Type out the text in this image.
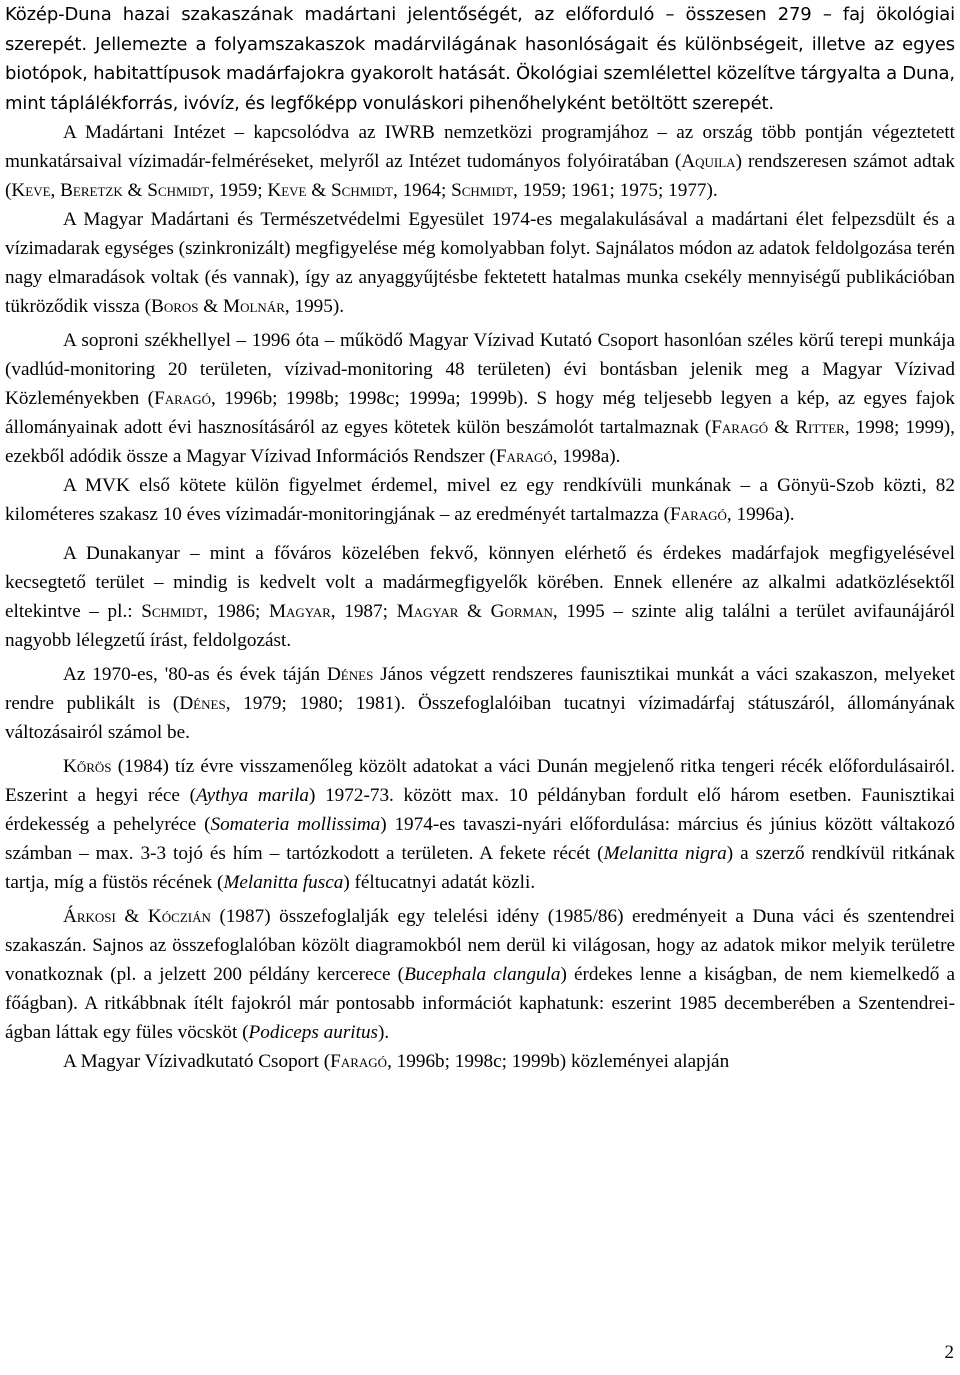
Közép-Duna hazai szakaszának madártani jelentőségét, az előforduló – összesen 279 – faj ökológiai szerepét. Jellemezte a folyamszakaszok madárvilágának hasonlóságait és különbségeit, illetve az egyes biotópok, habitattípusok madárfajokra gyakorolt hatását. Ökológiai szemlélettel közelítve tárgyalta a Duna, mint táplálékforrás, ivóvíz, és legfőképp vonuláskori pihenőhelyként betöltött szerepét.

A Madártani Intézet – kapcsolódva az IWRB nemzetközi programjához – az ország több pontján végeztetett munkatársaival vízimadár-felméréseket, melyről az Intézet tudományos folyóiratában (Aquila) rendszeresen számot adtak (Keve, Beretzk & Schmidt, 1959; Keve & Schmidt, 1964; Schmidt, 1959; 1961; 1975; 1977).

A Magyar Madártani és Természetvédelmi Egyesület 1974-es megalakulásával a madártani élet felpezsdült és a vízimadarak egységes (szinkronizált) megfigyelése még komolyabban folyt. Sajnálatos módon az adatok feldolgozása terén nagy elmaradások voltak (és vannak), így az anyaggyűjtésbe fektetett hatalmas munka csekély mennyiségű publikációban tükröződik vissza (Boros & Molnár, 1995).

A soproni székhellyel – 1996 óta – működő Magyar Vízivad Kutató Csoport hasonlóan széles körű terepi munkája (vadlúd-monitoring 20 területen, vízivad-monitoring 48 területen) évi bontásban jelenik meg a Magyar Vízivad Közleményekben (Faragó, 1996b; 1998b; 1998c; 1999a; 1999b). S hogy még teljesebb legyen a kép, az egyes fajok állományainak adott évi hasznosításáról az egyes kötetek külön beszámolót tartalmaznak (Faragó & Ritter, 1998; 1999), ezekből adódik össze a Magyar Vízivad Információs Rendszer (Faragó, 1998a).

A MVK első kötete külön figyelmet érdemel, mivel ez egy rendkívüli munkának – a Gönyü-Szob közti, 82 kilométeres szakasz 10 éves vízimadár-monitoringjának – az eredményét tartalmazza (Faragó, 1996a).

A Dunakanyar – mint a főváros közelében fekvő, könnyen elérhető és érdekes madárfajok megfigyelésével kecsegtető terület – mindig is kedvelt volt a madármegfigyelők körében. Ennek ellenére az alkalmi adatközlésektől eltekintve – pl.: Schmidt, 1986; Magyar, 1987; Magyar & Gorman, 1995 – szinte alig találni a terület avifaunájáról nagyobb lélegzetű írást, feldolgozást.

Az 1970-es, '80-as és évek táján Dénes János végzett rendszeres faunisztikai munkát a váci szakaszon, melyeket rendre publikált is (Dénes, 1979; 1980; 1981). Összefoglalóiban tucatnyi vízimadárfaj státuszáról, állományának változásairól számol be.

Kőrös (1984) tíz évre visszamenőleg közölt adatokat a váci Dunán megjelenő ritka tengeri récék előfordulásairól. Eszerint a hegyi réce (Aythya marila) 1972-73. között max. 10 példányban fordult elő három esetben. Faunisztikai érdekesség a pehelyréce (Somateria mollissima) 1974-es tavaszi-nyári előfordulása: március és június között váltakozó számban – max. 3-3 tojó és hím – tartózkodott a területen. A fekete récét (Melanitta nigra) a szerző rendkívül ritkának tartja, míg a füstös récének (Melanitta fusca) féltucatnyi adatát közli.

Árkosi & Kóczián (1987) összefoglalják egy telelési idény (1985/86) eredményeit a Duna váci és szentendrei szakaszán. Sajnos az összefoglalóban közölt diagramokból nem derül ki világosan, hogy az adatok mikor melyik területre vonatkoznak (pl. a jelzett 200 példány kercerece (Bucephala clangula) érdekes lenne a kiságban, de nem kiemelkedő a főágban). A ritkábbnak ítélt fajokról már pontosabb információt kaphatunk: eszerint 1985 decemberében a Szentendrei-ágban láttak egy füles vöcsköt (Podiceps auritus).

A Magyar Vízivadkutató Csoport (Faragó, 1996b; 1998c; 1999b) közleményei alapján

2
